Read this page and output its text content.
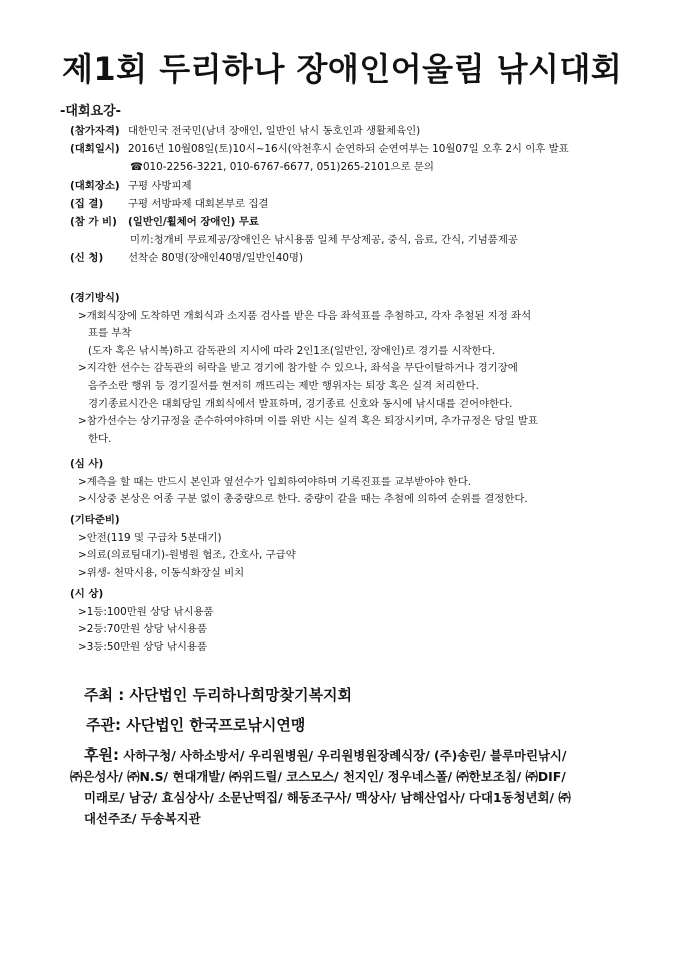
제1회 두리하나 장애인어울림 낚시대회
-대회요강-
(참가자격) 대한민국 전국민(남녀 장애인, 일반인 낚시 동호인과 생활체육인)
(대회일시) 2016년 10월08일(토)10시~16시(악천후시 순연하되 순연여부는 10월07일 오후 2시 이후 발표
☎010-2256-3221, 010-6767-6677, 051)265-2101으로 문의
(대회장소) 구평 사방피제
(집 결)	구평 서방파제 대회본부로 집결
(참 가 비)	(일반인/휠체어 장애인) 무료
미끼:청개비 무료제공/장애인은 낚시용품 일체 무상제공, 중식, 음료, 간식, 기념품제공
(신 청)	선착순 80명(장애인40명/일반인40명)
(경기방식)
>개회식장에 도착하면 개회식과 소지품 검사를 받은 다음 좌석표를 추첨하고, 각자 추첨된 지정 좌석
표를 부착
(도자 혹은 낚시복)하고 감독관의 지시에 따라 2인1조(일반인, 장애인)로 경기를 시작한다.
>지각한 선수는 감독관의 허락을 받고 경기에 참가할 수 있으나, 좌석을 무단이탈하거나 경기장에
음주소란 행위 등 경기질서를 현저히 깨뜨리는 제반 행위자는 퇴장 혹은 실격 처리한다.
경기종료시간은 대회당일 개회식에서 발표하며, 경기종료 신호와 동시에 낚시대를 걷어야한다.
>참가선수는 상기규정을 준수하여야하며 이를 위반 시는 실격 혹은 퇴장시키며, 추가규정은 당일 발표
한다.
(심 사)
>계측을 할 때는 반드시 본인과 옆선수가 입회하여야하며 기록진표를 교부받아야 한다.
>시상중 본상은 어종 구분 없이 총중량으로 한다. 중량이 같을 때는 추첨에 의하여 순위를 결정한다.
(기타준비)
>안전(119 및 구급차 5분대기)
>의료(의료팀대기)-원병원 협조, 간호사, 구급약
>위생- 천막시용, 이동식화장실 비치
(시 상)
>1등:100만원 상당 낚시용품
>2등:70만원 상당 낚시용품
>3등:50만원 상당 낚시용품
주최 : 사단법인 두리하나희망찾기복지회
주관: 사단법인 한국프로낚시연맹
후원: 사하구청/ 사하소방서/ 우리원병원/ 우리원병원장례식장/ (주)송린/ 블루마린낚시/
㈜은성사/ ㈜N.S/ 현대개발/ ㈜위드릴/ 코스모스/ 천지인/ 정우네스폴/ ㈜한보조침/ ㈜DIF/
미래로/ 남궁/ 효심상사/ 소문난떡집/ 해동조구사/ 맥상사/ 남해산업사/ 다대1동청년회/ ㈜
대선주조/ 두송복지관
